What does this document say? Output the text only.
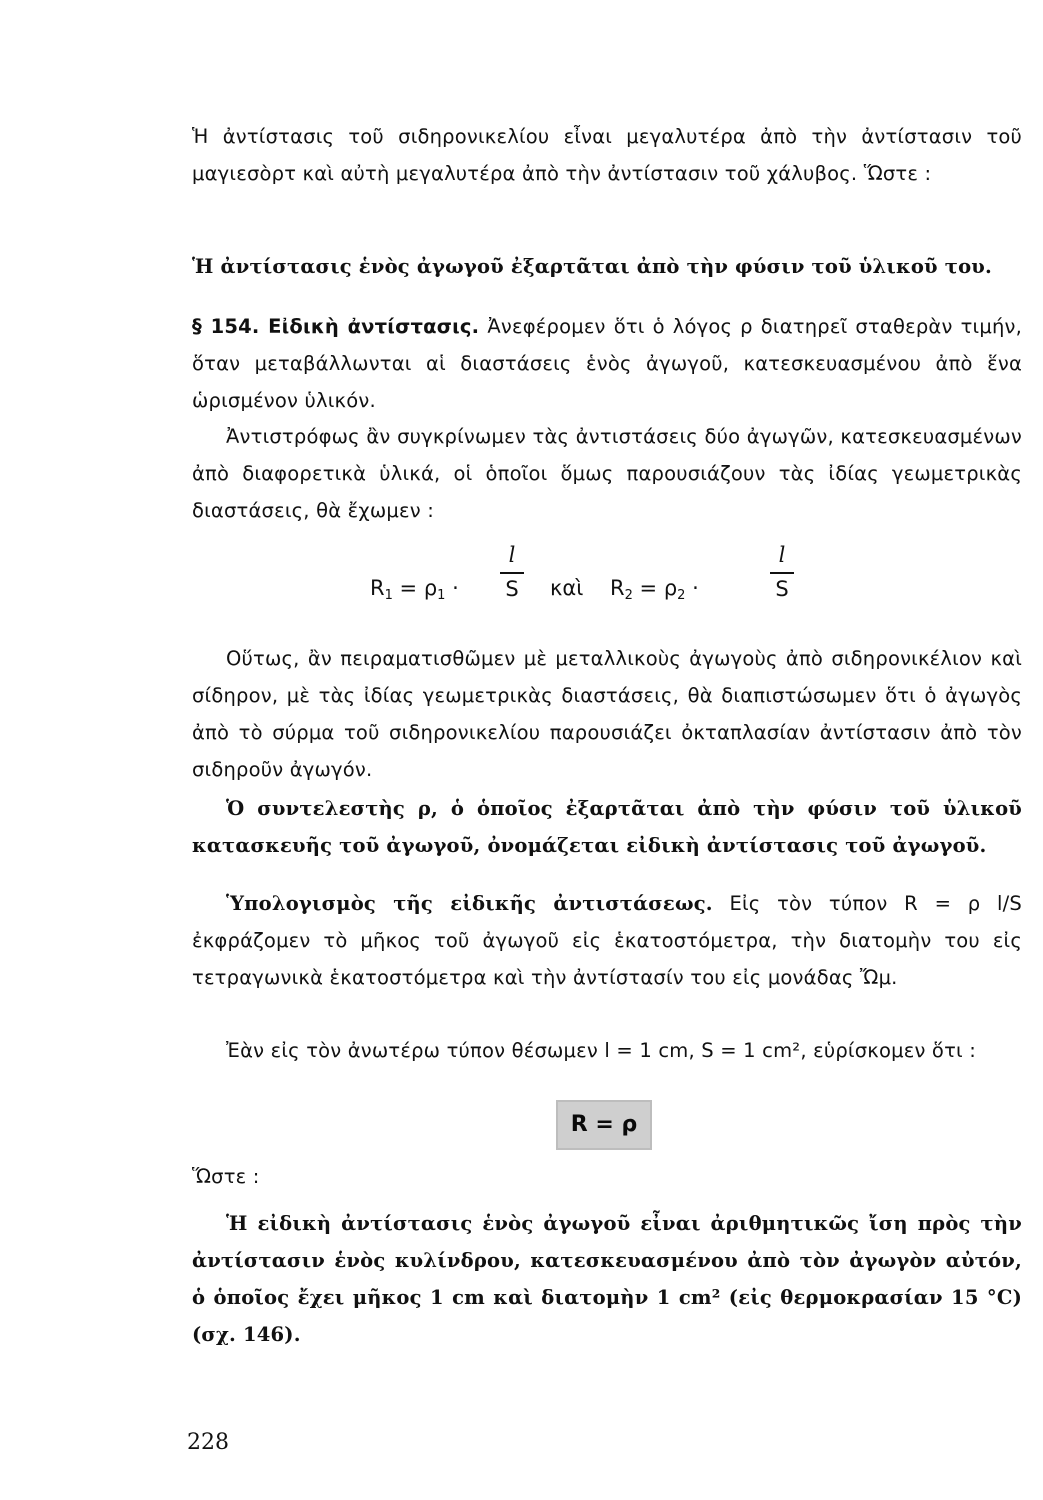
Ἡ ἀντίστασις τοῦ σιδηρονικελίου εἶναι μεγαλυτέρα ἀπὸ τὴν ἀντίστασιν τοῦ μαγιεσὸρτ καὶ αὐτὴ μεγαλυτέρα ἀπὸ τὴν ἀντίστασιν τοῦ χάλυβος. Ὥστε :

Ἡ ἀντίστασις ἑνὸς ἀγωγοῦ ἐξαρτᾶται ἀπὸ τὴν φύσιν τοῦ ὑλικοῦ του.

§ 154. Εἰδικὴ ἀντίστασις. Ἀνεφέρομεν ὅτι ὁ λόγος ρ διατηρεῖ σταθερὰν τιμήν, ὅταν μεταβάλλωνται αἱ διαστάσεις ἑνὸς ἀγωγοῦ, κατεσκευασμένου ἀπὸ ἕνα ὡρισμένον ὑλικόν.

Ἀντιστρόφως ἂν συγκρίνωμεν τὰς ἀντιστάσεις δύο ἀγωγῶν, κατεσκευασμένων ἀπὸ διαφορετικὰ ὑλικά, οἱ ὁποῖοι ὅμως παρουσιάζουν τὰς ἰδίας γεωμετρικὰς διαστάσεις, θὰ ἔχωμεν :

$R_1 = \rho_1$ ·
l
S	καὶ $R_2 = \rho_2$ ·
l
S

Οὕτως, ἂν πειραματισθῶμεν μὲ μεταλλικοὺς ἀγωγοὺς ἀπὸ σιδηρονικέλιον καὶ σίδηρον, μὲ τὰς ἰδίας γεωμετρικὰς διαστάσεις, θὰ διαπιστώσωμεν ὅτι ὁ ἀγωγὸς ἀπὸ τὸ σύρμα τοῦ σιδηρονικελίου παρουσιάζει ὀκταπλασίαν ἀντίστασιν ἀπὸ τὸν σιδηροῦν ἀγωγόν.

Ὁ συντελεστὴς ρ, ὁ ὁποῖος ἐξαρτᾶται ἀπὸ τὴν φύσιν τοῦ ὑλικοῦ κατασκευῆς τοῦ ἀγωγοῦ, ὀνομάζεται εἰδικὴ ἀντίστασις τοῦ ἀγωγοῦ.

Ὑπολογισμὸς τῆς εἰδικῆς ἀντιστάσεως. Εἰς τὸν τύπον R = ρ l/S ἐκφράζομεν τὸ μῆκος τοῦ ἀγωγοῦ εἰς ἑκατοστόμετρα, τὴν διατομὴν του εἰς τετραγωνικὰ ἑκατοστόμετρα καὶ τὴν ἀντίστασίν του εἰς μονάδας Ὤμ.

Ἐὰν εἰς τὸν ἀνωτέρω τύπον θέσωμεν l = 1 cm, S = 1 cm², εὑρίσκομεν ὅτι :

R = ρ

Ὥστε :

Ἡ εἰδικὴ ἀντίστασις ἑνὸς ἀγωγοῦ εἶναι ἀριθμητικῶς ἴση πρὸς τὴν ἀντίστασιν ἑνὸς κυλίνδρου, κατεσκευασμένου ἀπὸ τὸν ἀγωγὸν αὐτόν, ὁ ὁποῖος ἔχει μῆκος 1 cm καὶ διατομὴν 1 cm² (εἰς θερμοκρασίαν 15 °C) (σχ. 146).

228
